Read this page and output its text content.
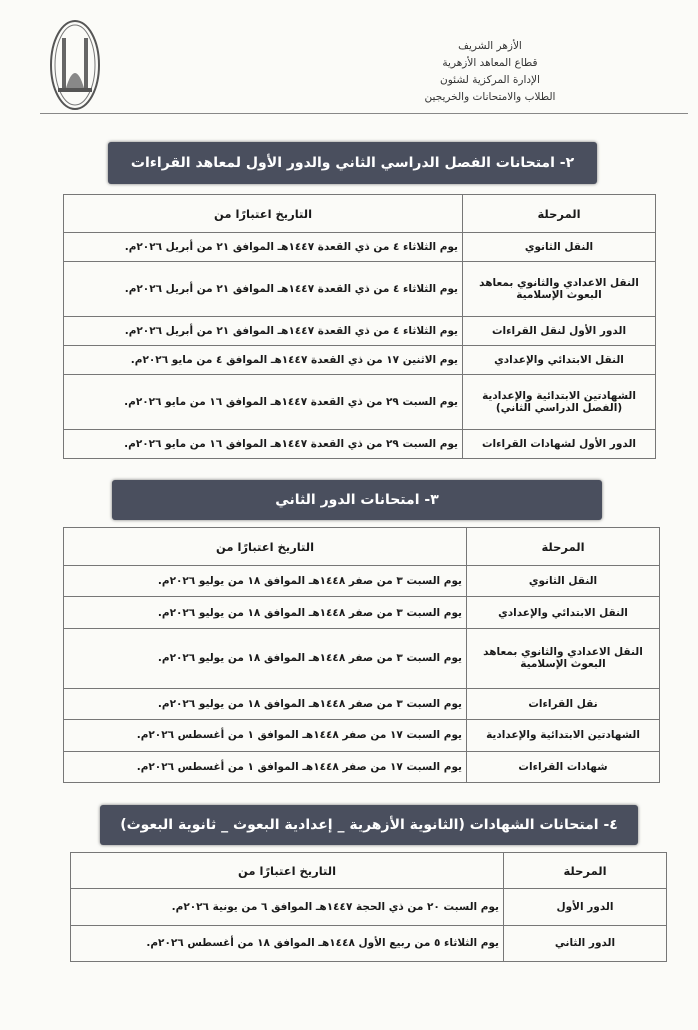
الأزهر الشريف
قطاع المعاهد الأزهرية
الإدارة المركزية لشئون
الطلاب والامتحانات والخريجين
٢- امتحانات الفصل الدراسي الثاني والدور الأول لمعاهد القراءات
المرحلة	التاريخ اعتبارًا من
النقل الثانوي	يوم الثلاثاء ٤ من ذي القعدة ١٤٤٧هـ الموافق ٢١ من أبريل ٢٠٢٦م.
النقل الاعدادي والثانوي بمعاهد البعوث الإسلامية	يوم الثلاثاء ٤ من ذي القعدة ١٤٤٧هـ الموافق ٢١ من أبريل ٢٠٢٦م.
الدور الأول لنقل القراءات	يوم الثلاثاء ٤ من ذي القعدة ١٤٤٧هـ الموافق ٢١ من أبريل ٢٠٢٦م.
النقل الابتدائي والإعدادي	يوم الاثنين ١٧ من ذي القعدة ١٤٤٧هـ الموافق ٤ من مايو ٢٠٢٦م.
الشهادتين الابتدائية والإعدادية (الفصل الدراسي الثاني)	يوم السبت ٢٩ من ذي القعدة ١٤٤٧هـ الموافق ١٦ من مايو ٢٠٢٦م.
الدور الأول لشهادات القراءات	يوم السبت ٢٩ من ذي القعدة ١٤٤٧هـ الموافق ١٦ من مايو ٢٠٢٦م.
٣- امتحانات الدور الثاني
المرحلة	التاريخ اعتبارًا من
النقل الثانوي	يوم السبت ٣ من صفر ١٤٤٨هـ الموافق ١٨ من يوليو ٢٠٢٦م.
النقل الابتدائي والإعدادي	يوم السبت ٣ من صفر ١٤٤٨هـ الموافق ١٨ من يوليو ٢٠٢٦م.
النقل الاعدادي والثانوي بمعاهد البعوث الإسلامية	يوم السبت ٣ من صفر ١٤٤٨هـ الموافق ١٨ من يوليو ٢٠٢٦م.
نقل القراءات	يوم السبت ٣ من صفر ١٤٤٨هـ الموافق ١٨ من يوليو ٢٠٢٦م.
الشهادتين الابتدائية والإعدادية	يوم السبت ١٧ من صفر ١٤٤٨هـ الموافق ١ من أغسطس ٢٠٢٦م.
شهادات القراءات	يوم السبت ١٧ من صفر ١٤٤٨هـ الموافق ١ من أغسطس ٢٠٢٦م.
٤- امتحانات الشهادات (الثانوية الأزهرية _ إعدادية البعوث _ ثانوية البعوث)
المرحلة	التاريخ اعتبارًا من
الدور الأول	يوم السبت ٢٠ من ذي الحجة ١٤٤٧هـ الموافق ٦ من يونية ٢٠٢٦م.
الدور الثاني	يوم الثلاثاء ٥ من ربيع الأول ١٤٤٨هـ الموافق ١٨ من أغسطس ٢٠٢٦م.
